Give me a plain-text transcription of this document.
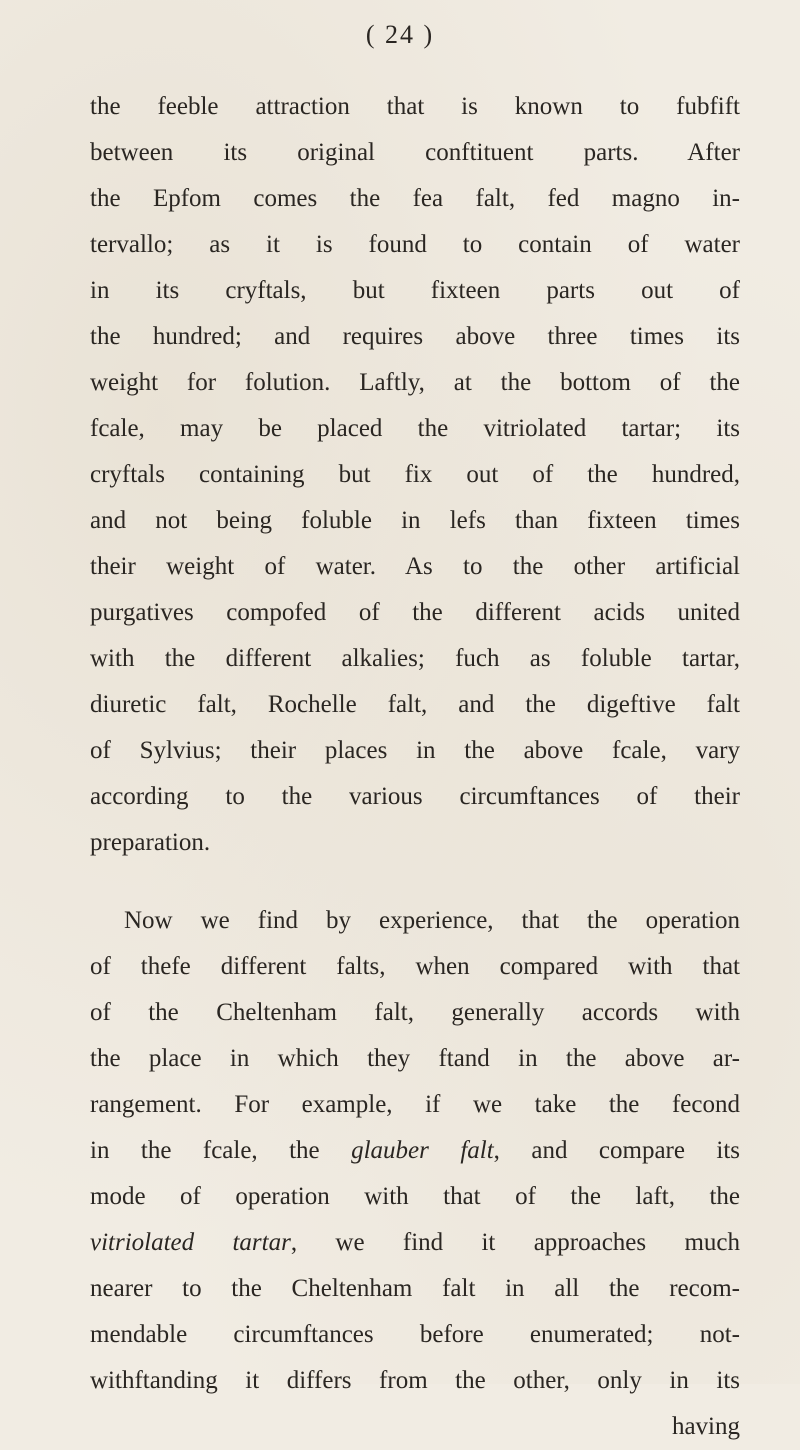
( 24 )
the feeble attraction that is known to fubfift
between its original conftituent parts. After
the Epfom comes the fea falt, fed magno in-
tervallo; as it is found to contain of water
in its cryftals, but fixteen parts out of
the hundred; and requires above three times its
weight for folution. Laftly, at the bottom of the
fcale, may be placed the vitriolated tartar; its
cryftals containing but fix out of the hundred,
and not being foluble in lefs than fixteen times
their weight of water. As to the other artificial
purgatives compofed of the different acids united
with the different alkalies; fuch as foluble tartar,
diuretic falt, Rochelle falt, and the digeftive falt
of Sylvius; their places in the above fcale, vary
according to the various circumftances of their
preparation.
Now we find by experience, that the operation
of thefe different falts, when compared with that
of the Cheltenham falt, generally accords with
the place in which they ftand in the above ar-
rangement. For example, if we take the fecond
in the fcale, the glauber falt, and compare its
mode of operation with that of the laft, the
vitriolated tartar, we find it approaches much
nearer to the Cheltenham falt in all the recom-
mendable circumftances before enumerated; not-
withftanding it differs from the other, only in its
having
